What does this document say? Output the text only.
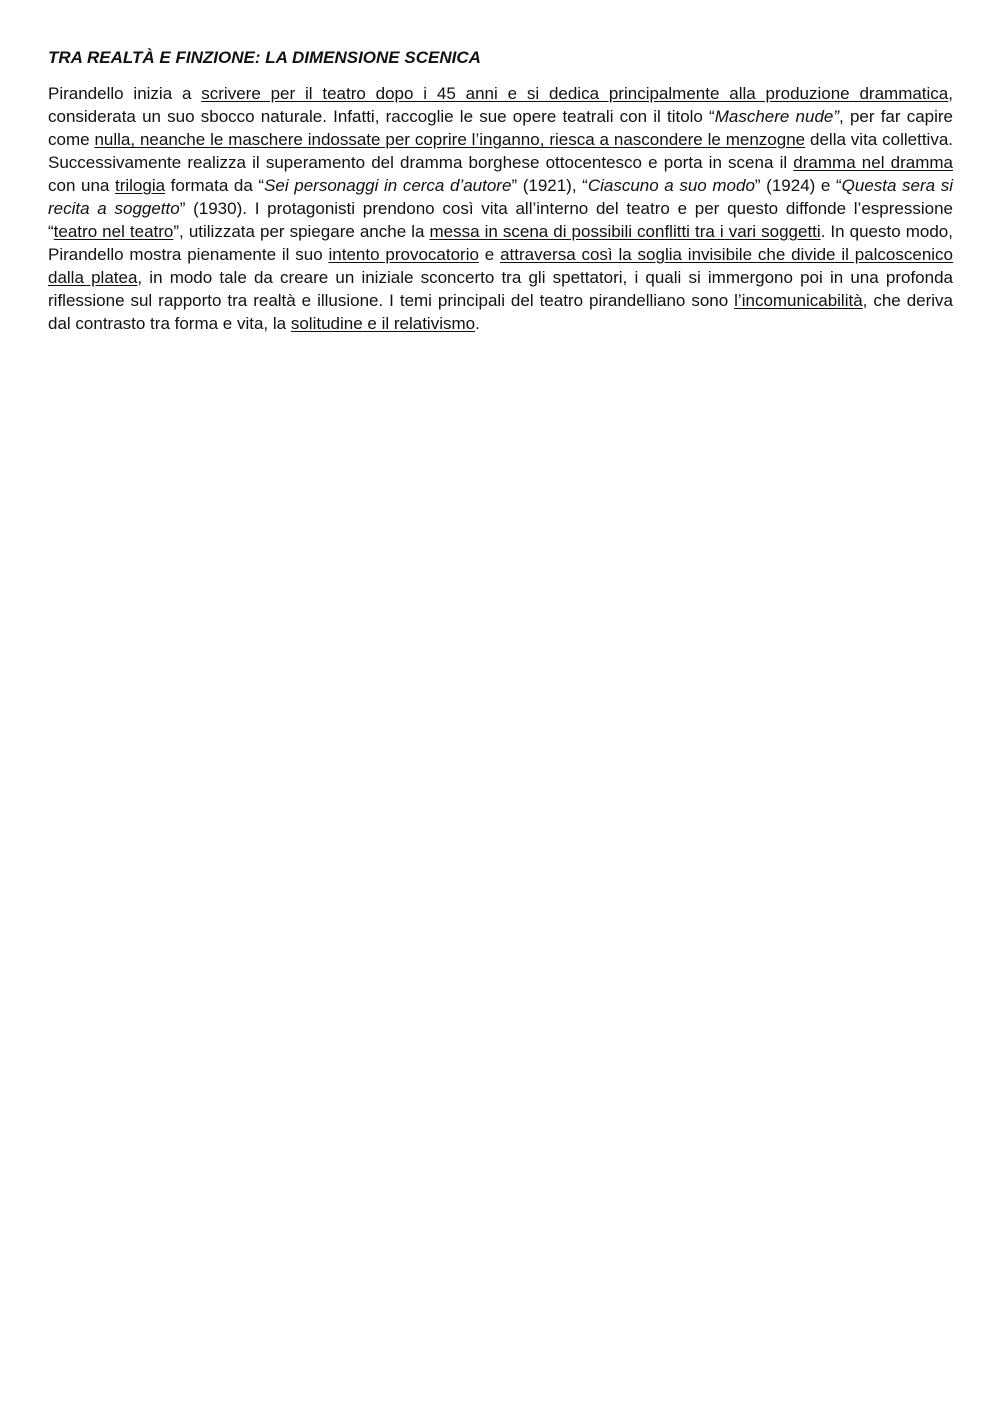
TRA REALTÀ E FINZIONE: LA DIMENSIONE SCENICA

Pirandello inizia a scrivere per il teatro dopo i 45 anni e si dedica principalmente alla produzione drammatica, considerata un suo sbocco naturale. Infatti, raccoglie le sue opere teatrali con il titolo “Maschere nude”, per far capire come nulla, neanche le maschere indossate per coprire l’inganno, riesca a nascondere le menzogne della vita collettiva. Successivamente realizza il superamento del dramma borghese ottocentesco e porta in scena il dramma nel dramma con una trilogia formata da “Sei personaggi in cerca d’autore” (1921), “Ciascuno a suo modo” (1924) e “Questa sera si recita a soggetto” (1930). I protagonisti prendono così vita all’interno del teatro e per questo diffonde l’espressione “teatro nel teatro”, utilizzata per spiegare anche la messa in scena di possibili conflitti tra i vari soggetti. In questo modo, Pirandello mostra pienamente il suo intento provocatorio e attraversa così la soglia invisibile che divide il palcoscenico dalla platea, in modo tale da creare un iniziale sconcerto tra gli spettatori, i quali si immergono poi in una profonda riflessione sul rapporto tra realtà e illusione. I temi principali del teatro pirandelliano sono l’incomunicabilità, che deriva dal contrasto tra forma e vita, la solitudine e il relativismo.
